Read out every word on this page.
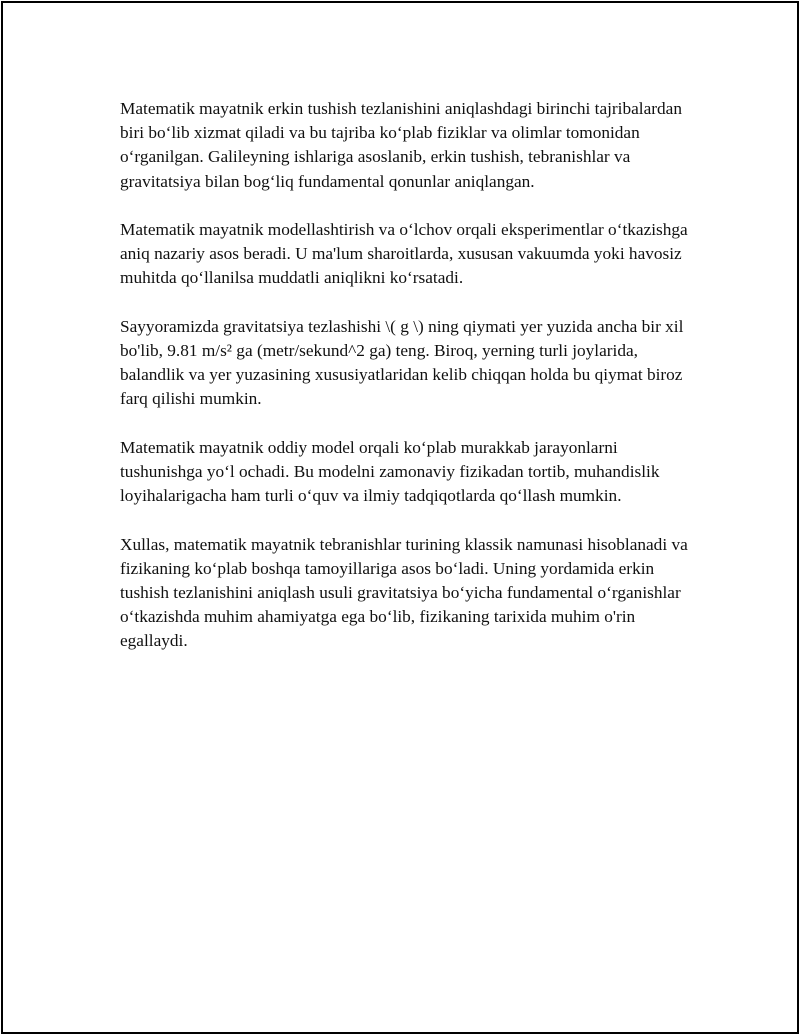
Matematik mayatnik erkin tushish tezlanishini aniqlashdagi birinchi tajribalardan biri bo‘lib xizmat qiladi va bu tajriba ko‘plab fiziklar va olimlar tomonidan o‘rganilgan. Galileyning ishlariga asoslanib, erkin tushish, tebranishlar va gravitatsiya bilan bog‘liq fundamental qonunlar aniqlangan.

Matematik mayatnik modellashtirish va o‘lchov orqali eksperimentlar o‘tkazishga aniq nazariy asos beradi. U ma'lum sharoitlarda, xususan vakuumda yoki havosiz muhitda qo‘llanilsa muddatli aniqlikni ko‘rsatadi.

Sayyoramizda gravitatsiya tezlashishi \( g \) ning qiymati yer yuzida ancha bir xil bo'lib, 9.81 m/s² ga (metr/sekund^2 ga) teng. Biroq, yerning turli joylarida, balandlik va yer yuzasining xususiyatlaridan kelib chiqqan holda bu qiymat biroz farq qilishi mumkin.

Matematik mayatnik oddiy model orqali ko‘plab murakkab jarayonlarni tushunishga yo‘l ochadi. Bu modelni zamonaviy fizikadan tortib, muhandislik loyihalarigacha ham turli o‘quv va ilmiy tadqiqotlarda qo‘llash mumkin.

Xullas, matematik mayatnik tebranishlar turining klassik namunasi hisoblanadi va fizikaning ko‘plab boshqa tamoyillariga asos bo‘ladi. Uning yordamida erkin tushish tezlanishini aniqlash usuli gravitatsiya bo‘yicha fundamental o‘rganishlar o‘tkazishda muhim ahamiyatga ega bo‘lib, fizikaning tarixida muhim o'rin egallaydi.
